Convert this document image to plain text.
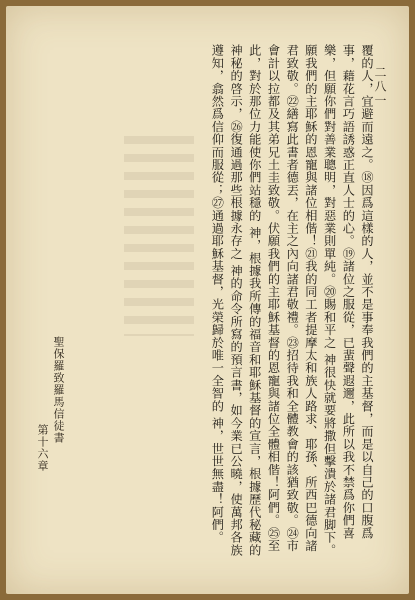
二八一

覆的人，宜避而遠之。⑱因爲這樣的人，並不是事奉我們的主基督，而是以自己的口腹爲事，藉花言巧語誘惑正直人士的心。⑲諸位之服從，已蜚聲遐邇，此所以我不禁爲你們喜樂，但願你們對善業聰明，對惡業則單純。⑳賜和平之 神很快就要將撒但擊潰於諸君脚下。願我們的主耶穌的恩寵與諸位相偕！㉑我的同工者提摩太和族人路求、耶孫、所西巴德向諸君致敬。㉒繕寫此書者德丟，在主之內向諸君敬禮。㉓招待我和全體教會的該猶致敬。㉔市會計以拉都及其弟兄土圭致敬。伏願我們的主耶穌基督的恩寵與諸位全體相偕！阿們。㉕至此，對於那位力能使你們站穩的 神，根據我所傳的福音和耶穌基督的宣言，根據歷代秘藏的神秘的啓示，㉖復通過那些根據永存之 神的命令所寫的預言書，如今業已公曉，使萬邦各族遵知，翕然爲信仰而服從；㉗通過耶穌基督，光榮歸於唯一全智的 神，世世無盡！阿們。

聖保羅致羅馬信徒書
第十六章
